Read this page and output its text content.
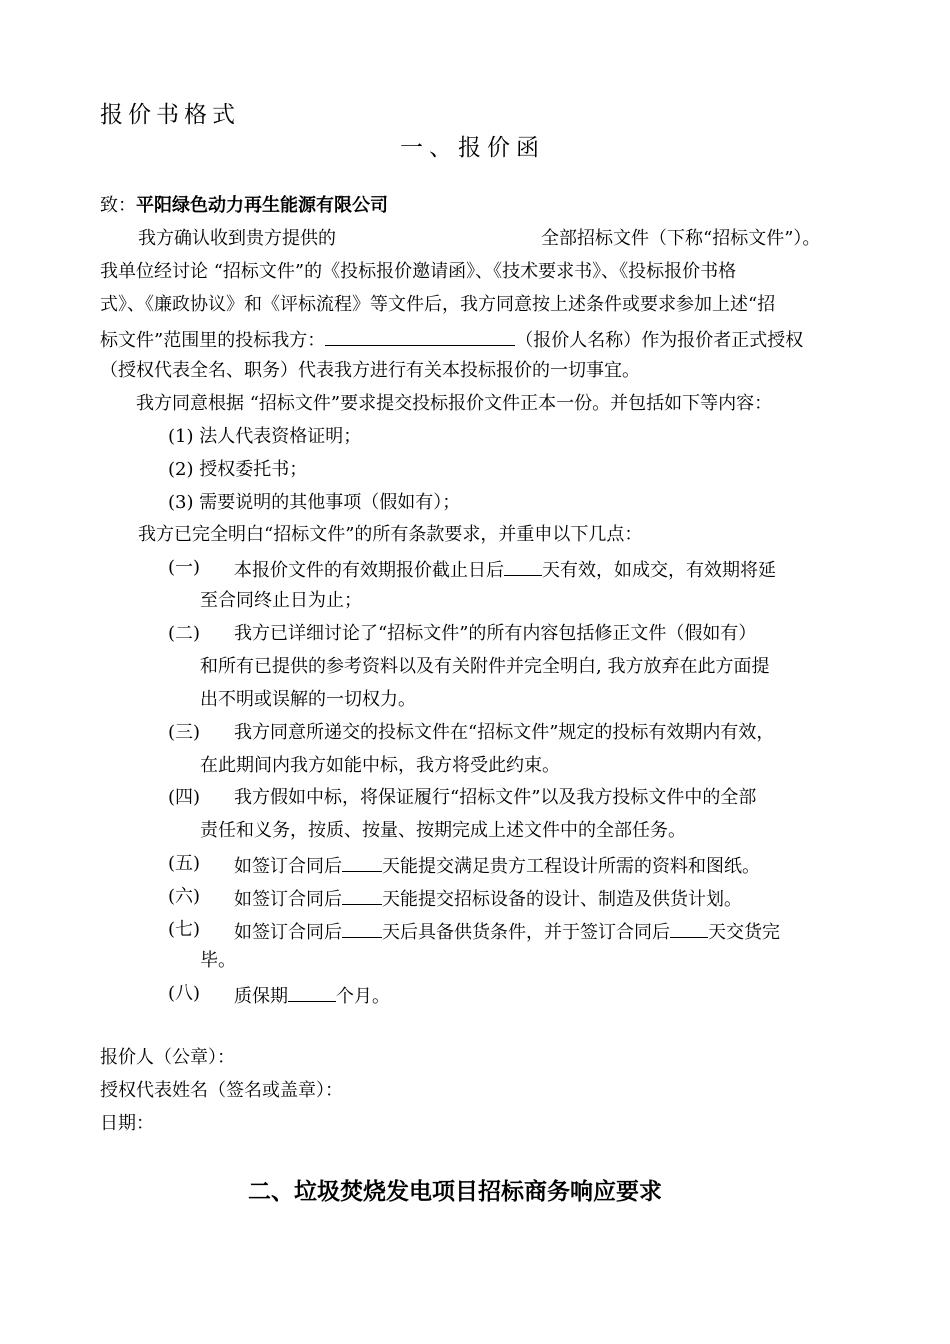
报价书格式
一、报价函
致：平阳绿色动力再生能源有限公司
我方确认收到贵方提供的	全部招标文件（下称“招标文件”）。
我单位经讨论 “招标文件”的《投标报价邀请函》、《技术要求书》、《投标报价书格
式》、《廉政协议》和《评标流程》等文件后，我方同意按上述条件或要求参加上述“招
标文件”范围里的投标我方：	（报价人名称）作为报价者正式授权
（授权代表全名、职务）代表我方进行有关本投标报价的一切事宜。
我方同意根据 “招标文件”要求提交投标报价文件正本一份。并包括如下等内容：
(1) 法人代表资格证明；
(2) 授权委托书；
(3) 需要说明的其他事项（假如有）；
我方已完全明白“招标文件”的所有条款要求，并重申以下几点：
(一) 本报价文件的有效期报价截止日后 天有效，如成交，有效期将延
至合同终止日为止；
(二) 我方已详细讨论了“招标文件”的所有内容包括修正文件（假如有）
和所有已提供的参考资料以及有关附件并完全明白, 我方放弃在此方面提
出不明或误解的一切权力。
(三) 我方同意所递交的投标文件在“招标文件”规定的投标有效期内有效，
在此期间内我方如能中标，我方将受此约束。
(四) 我方假如中标，将保证履行“招标文件”以及我方投标文件中的全部
责任和义务，按质、按量、按期完成上述文件中的全部任务。
(五) 如签订合同后 天能提交满足贵方工程设计所需的资料和图纸。
(六) 如签订合同后 天能提交招标设备的设计、制造及供货计划。
(七) 如签订合同后 天后具备供货条件，并于签订合同后 天交货完
毕。
(八) 质保期	个月。
报价人（公章）：
授权代表姓名（签名或盖章）：
日期：
二、垃圾焚烧发电项目招标商务响应要求
